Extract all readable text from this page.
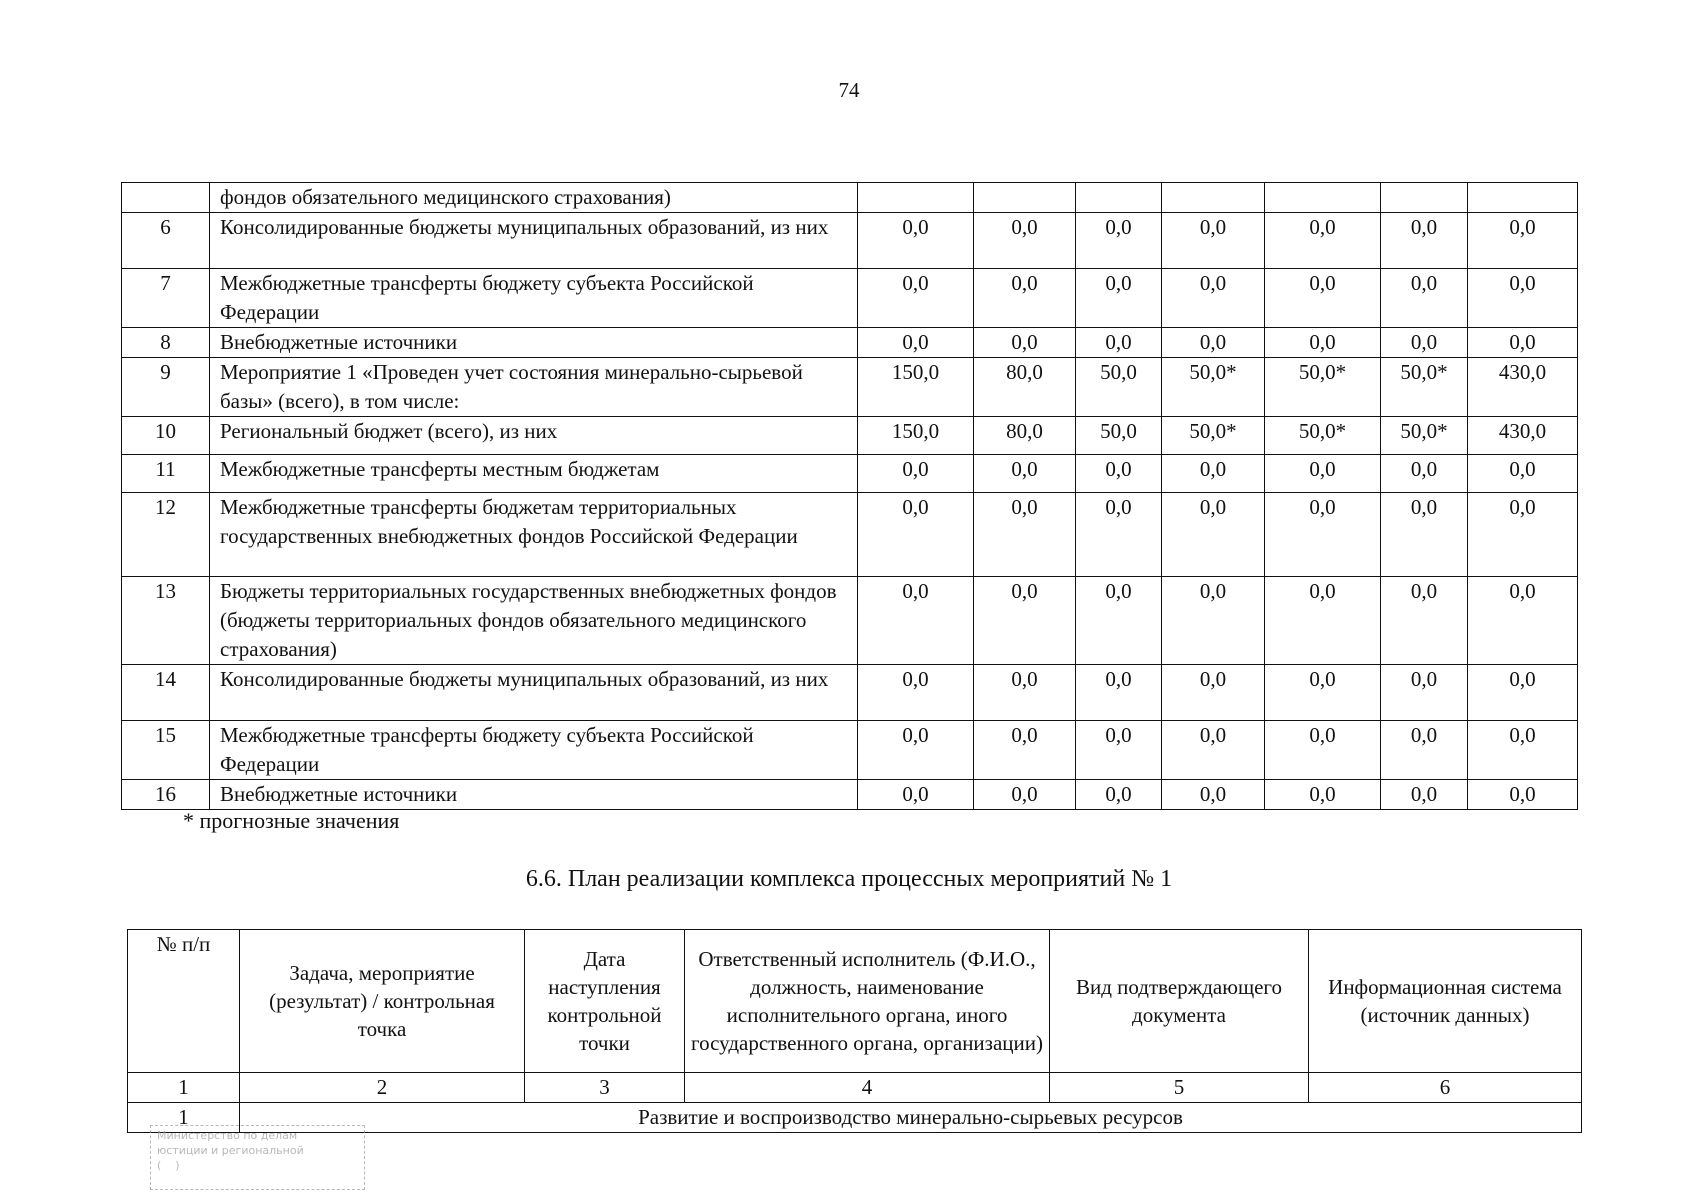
74
	фондов обязательного медицинского страхования)							
6	Консолидированные бюджеты муниципальных образований, из них	0,0	0,0	0,0	0,0	0,0	0,0	0,0
7	Межбюджетные трансферты бюджету субъекта Российской Федерации	0,0	0,0	0,0	0,0	0,0	0,0	0,0
8	Внебюджетные источники	0,0	0,0	0,0	0,0	0,0	0,0	0,0
9	Мероприятие 1 «Проведен учет состояния минерально-сырьевой базы» (всего), в том числе:	150,0	80,0	50,0	50,0*	50,0*	50,0*	430,0
10	Региональный бюджет (всего), из них	150,0	80,0	50,0	50,0*	50,0*	50,0*	430,0
11	Межбюджетные трансферты местным бюджетам	0,0	0,0	0,0	0,0	0,0	0,0	0,0
12	Межбюджетные трансферты бюджетам территориальных государственных внебюджетных фондов Российской Федерации	0,0	0,0	0,0	0,0	0,0	0,0	0,0
13	Бюджеты территориальных государственных внебюджетных фондов (бюджеты территориальных фондов обязательного медицинского страхования)	0,0	0,0	0,0	0,0	0,0	0,0	0,0
14	Консолидированные бюджеты муниципальных образований, из них	0,0	0,0	0,0	0,0	0,0	0,0	0,0
15	Межбюджетные трансферты бюджету субъекта Российской Федерации	0,0	0,0	0,0	0,0	0,0	0,0	0,0
16	Внебюджетные источники	0,0	0,0	0,0	0,0	0,0	0,0	0,0
* прогнозные значения
6.6. План реализации комплекса процессных мероприятий № 1
№ п/п	Задача, мероприятие (результат) / контрольная точка	Дата наступления контрольной точки	Ответственный исполнитель (Ф.И.О., должность, наименование исполнительного органа, иного государственного органа, организации)	Вид подтверждающего документа	Информационная система (источник данных)
1	2	3	4	5	6
1	Развитие и воспроизводство минерально-сырьевых ресурсов				
Министерство по делам
юстиции и региональной
(    )
